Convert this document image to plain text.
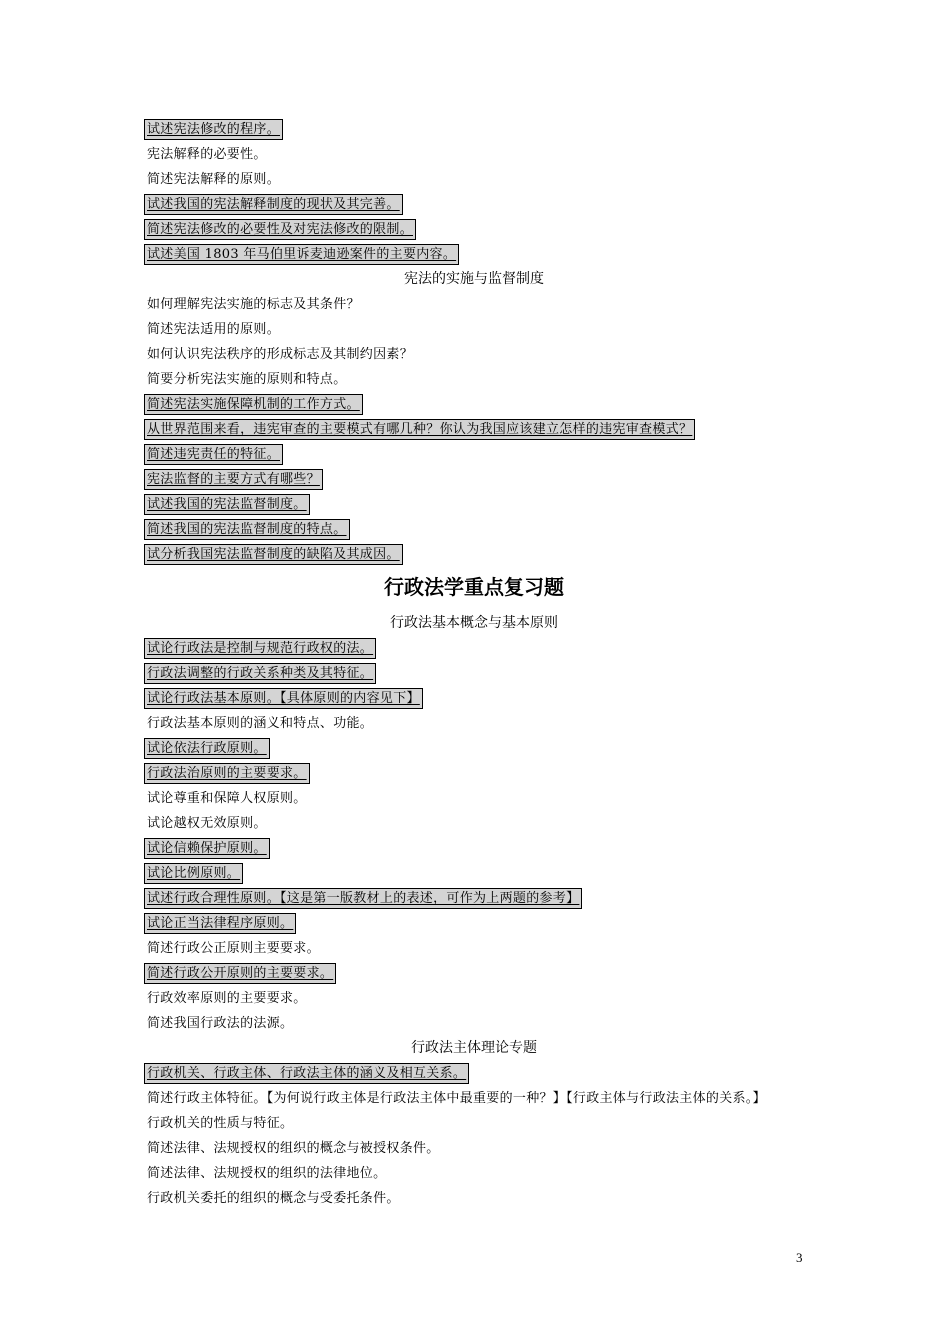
试述宪法修改的程序。
宪法解释的必要性。
简述宪法解释的原则。
试述我国的宪法解释制度的现状及其完善。
简述宪法修改的必要性及对宪法修改的限制。
试述美国 1803 年马伯里诉麦迪逊案件的主要内容。
宪法的实施与监督制度
如何理解宪法实施的标志及其条件？
简述宪法适用的原则。
如何认识宪法秩序的形成标志及其制约因素？
简要分析宪法实施的原则和特点。
简述宪法实施保障机制的工作方式。
从世界范围来看，违宪审查的主要模式有哪几种？你认为我国应该建立怎样的违宪审查模式？
简述违宪责任的特征。
宪法监督的主要方式有哪些？
试述我国的宪法监督制度。
简述我国的宪法监督制度的特点。
试分析我国宪法监督制度的缺陷及其成因。
行政法学重点复习题
行政法基本概念与基本原则
试论行政法是控制与规范行政权的法。
行政法调整的行政关系种类及其特征。
试论行政法基本原则。【具体原则的内容见下】
行政法基本原则的涵义和特点、功能。
试论依法行政原则。
行政法治原则的主要要求。
试论尊重和保障人权原则。
试论越权无效原则。
试论信赖保护原则。
试论比例原则。
试述行政合理性原则。【这是第一版教材上的表述，可作为上两题的参考】
试论正当法律程序原则。
简述行政公正原则主要要求。
简述行政公开原则的主要要求。
行政效率原则的主要要求。
简述我国行政法的法源。
行政法主体理论专题
行政机关、行政主体、行政法主体的涵义及相互关系。
简述行政主体特征。【为何说行政主体是行政法主体中最重要的一种？】【行政主体与行政法主体的关系。】
行政机关的性质与特征。
简述法律、法规授权的组织的概念与被授权条件。
简述法律、法规授权的组织的法律地位。
行政机关委托的组织的概念与受委托条件。
3
